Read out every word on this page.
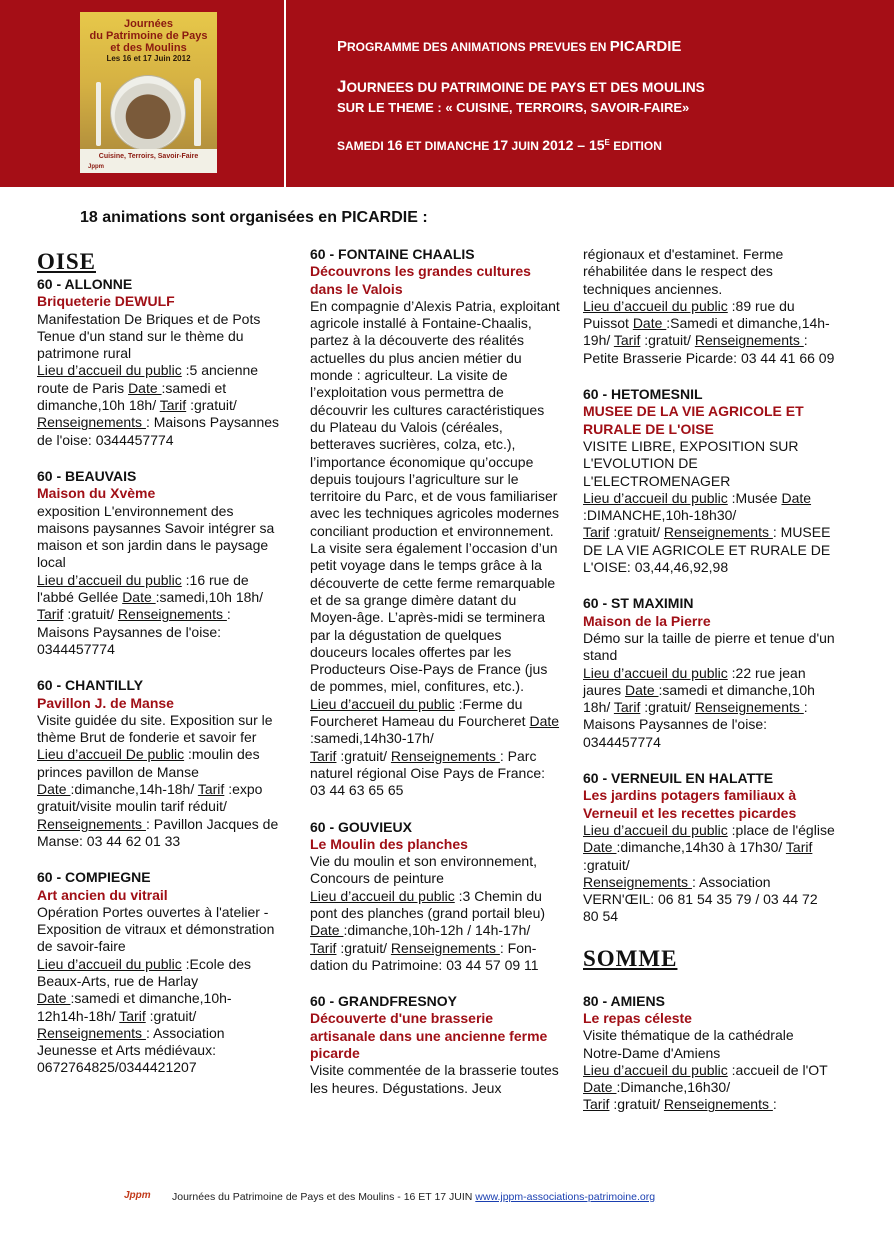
Journées
du Patrimoine de Pays
et des Moulins
Les 16 et 17 Juin 2012
Cuisine, Terroirs, Savoir-Faire
Jppm
PROGRAMME DES ANIMATIONS PREVUES EN PICARDIE
JOURNEES DU PATRIMOINE DE PAYS ET DES MOULINS
SUR LE THEME : « CUISINE, TERROIRS, SAVOIR-FAIRE»
SAMEDI 16 ET DIMANCHE 17 JUIN $2012 - 15^E$ EDITION
18 animations sont organisées en PICARDIE :

OISE

60 - ALLONNE

Briqueterie DEWULF

Manifestation De Briques et de Pots Tenue d'un stand sur le thème du patrimone rural

Lieu d’accueil du public :5 ancienne route de Paris Date :samedi et dimanche,10h 18h/ Tarif :gratuit/ Renseignements : Maisons Paysannes de l'oise: 0344457774

60 - BEAUVAIS

Maison du Xvème

exposition L'environnement des maisons paysannes Savoir intégrer sa maison et son jardin dans le paysage local

Lieu d’accueil du public :16 rue de l'abbé Gellée Date :samedi,10h 18h/ Tarif :gratuit/ Renseignements : Maisons Paysannes de l'oise: 0344457774

60 - CHANTILLY

Pavillon J. de Manse

Visite guidée du site. Exposition sur le thème Brut de fonderie et savoir fer

Lieu d’accueil De public :moulin des princes pavillon de Manse
Date :dimanche,14h-18h/ Tarif :expo gratuit/visite moulin tarif réduit/ Renseignements : Pavillon Jacques de Manse: 03 44 62 01 33

60 - COMPIEGNE

Art ancien du vitrail

Opération Portes ouvertes à l'atelier - Exposition de vitraux et démonstration de savoir-faire

Lieu d’accueil du public :Ecole des Beaux-Arts, rue de Harlay
Date :samedi et dimanche,10h-12h14h-18h/ Tarif :gratuit/
Renseignements : Association Jeunesse et Arts médiévaux: 0672764825/0344421207

60 - FONTAINE CHAALIS

Découvrons les grandes cultures dans le Valois

En compagnie d’Alexis Patria, exploitant agricole installé à Fontaine-Chaalis, partez à la découverte des réalités actuelles du plus ancien métier du monde : agriculteur. La visite de l’exploitation vous permettra de découvrir les cultures caractéristiques du Plateau du Valois (céréales, betteraves sucrières, colza, etc.), l’importance économique qu’occupe depuis toujours l’agriculture sur le territoire du Parc, et de vous familiariser avec les techniques agricoles modernes conciliant production et environnement. La visite sera également l’occasion d’un petit voyage dans le temps grâce à la découverte de cette ferme remarquable et de sa grange dimère datant du Moyen-âge. L’après-midi se terminera par la dégustation de quelques douceurs locales offertes par les Producteurs Oise-Pays de France (jus de pommes, miel, confitures, etc.).

Lieu d’accueil du public :Ferme du Fourcheret Hameau du Fourcheret Date :samedi,14h30-17h/
Tarif :gratuit/ Renseignements : Parc naturel régional Oise Pays de France: 03 44 63 65 65

60 - GOUVIEUX

Le Moulin des planches

Vie du moulin et son environnement, Concours de peinture

Lieu d’accueil du public :3 Chemin du pont des planches (grand portail bleu) Date :dimanche,10h-12h / 14h-17h/
Tarif :gratuit/ Renseignements : Fon-dation du Patrimoine: 03 44 57 09 11

60 - GRANDFRESNOY

Découverte d'une brasserie artisanale dans une ancienne ferme picarde

Visite commentée de la brasserie toutes les heures. Dégustations. Jeux

régionaux et d'estaminet. Ferme réhabilitée dans le respect des techniques anciennes.

Lieu d’accueil du public :89 rue du Puissot Date :Samedi et dimanche,14h-19h/ Tarif :gratuit/ Renseignements : Petite Brasserie Picarde: 03 44 41 66 09

60 - HETOMESNIL

MUSEE DE LA VIE AGRICOLE ET RURALE DE L'OISE

VISITE LIBRE, EXPOSITION SUR L'EVOLUTION DE L'ELECTROMENAGER

Lieu d’accueil du public :Musée Date :DIMANCHE,10h-18h30/
Tarif :gratuit/ Renseignements : MUSEE DE LA VIE AGRICOLE ET RURALE DE L'OISE: 03,44,46,92,98

60 - ST MAXIMIN

Maison de la Pierre

Démo sur la taille de pierre et tenue d'un stand

Lieu d’accueil du public :22 rue jean jaures Date :samedi et dimanche,10h 18h/ Tarif :gratuit/ Renseignements : Maisons Paysannes de l'oise: 0344457774

60 - VERNEUIL EN HALATTE

Les jardins potagers familiaux à Verneuil et les recettes picardes

Lieu d’accueil du public :place de l'église Date :dimanche,14h30 à 17h30/ Tarif :gratuit/
Renseignements : Association VERN'ŒIL: 06 81 54 35 79 / 03 44 72 80 54

SOMME

80 - AMIENS

Le repas céleste

Visite thématique de la cathédrale Notre-Dame d'Amiens

Lieu d’accueil du public :accueil de l'OT Date :Dimanche,16h30/
Tarif :gratuit/ Renseignements :

Jppm	Journées du Patrimoine de Pays et des Moulins - 16 ET 17 JUIN www.jppm-associations-patrimoine.org
